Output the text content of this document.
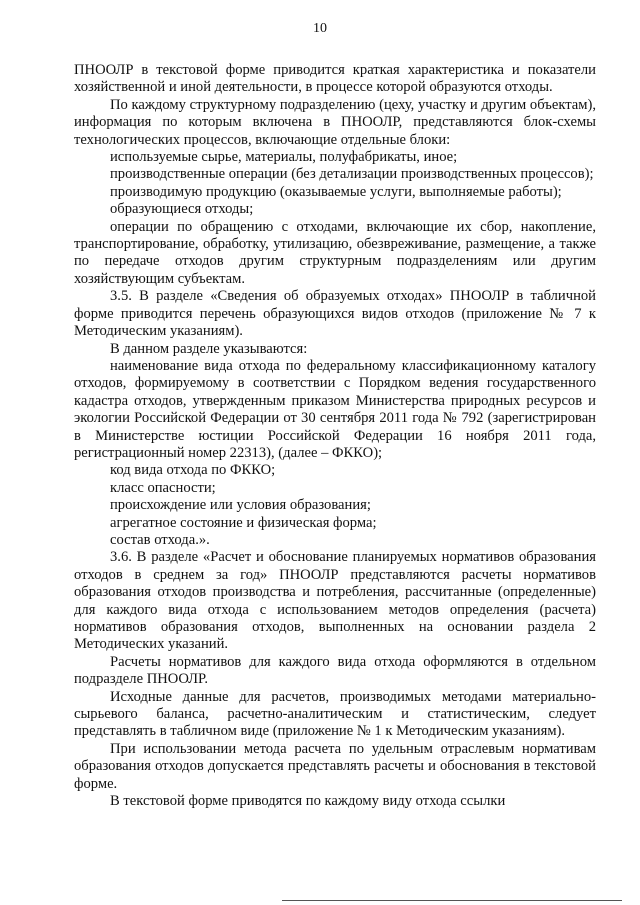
10

ПНООЛР в текстовой форме приводится краткая характеристика и показатели хозяйственной и иной деятельности, в процессе которой образуются отходы.

По каждому структурному подразделению (цеху, участку и другим объектам), информация по которым включена в ПНООЛР, представляются блок-схемы технологических процессов, включающие отдельные блоки:

используемые сырье, материалы, полуфабрикаты, иное;

производственные операции (без детализации производственных процессов);

производимую продукцию (оказываемые услуги, выполняемые работы);

образующиеся отходы;

операции по обращению с отходами, включающие их сбор, накопление, транспортирование, обработку, утилизацию, обезвреживание, размещение, а также по передаче отходов другим структурным подразделениям или другим хозяйствующим субъектам.

3.5. В разделе «Сведения об образуемых отходах» ПНООЛР в табличной форме приводится перечень образующихся видов отходов (приложение № 7 к Методическим указаниям).

В данном разделе указываются:

наименование вида отхода по федеральному классификационному каталогу отходов, формируемому в соответствии с Порядком ведения государственного кадастра отходов, утвержденным приказом Министерства природных ресурсов и экологии Российской Федерации от 30 сентября 2011 года № 792 (зарегистрирован в Министерстве юстиции Российской Федерации 16 ноября 2011 года, регистрационный номер 22313), (далее – ФККО);

код вида отхода по ФККО;

класс опасности;

происхождение или условия образования;

агрегатное состояние и физическая форма;

состав отхода.».

3.6. В разделе «Расчет и обоснование планируемых нормативов образования отходов в среднем за год» ПНООЛР представляются расчеты нормативов образования отходов производства и потребления, рассчитанные (определенные) для каждого вида отхода с использованием методов определения (расчета) нормативов образования отходов, выполненных на основании раздела 2 Методических указаний.

Расчеты нормативов для каждого вида отхода оформляются в отдельном подразделе ПНООЛР.

Исходные данные для расчетов, производимых методами материально-сырьевого баланса, расчетно-аналитическим и статистическим, следует представлять в табличном виде (приложение № 1 к Методическим указаниям).

При использовании метода расчета по удельным отраслевым нормативам образования отходов допускается представлять расчеты и обоснования в текстовой форме.

В текстовой форме приводятся по каждому виду отхода ссылки
